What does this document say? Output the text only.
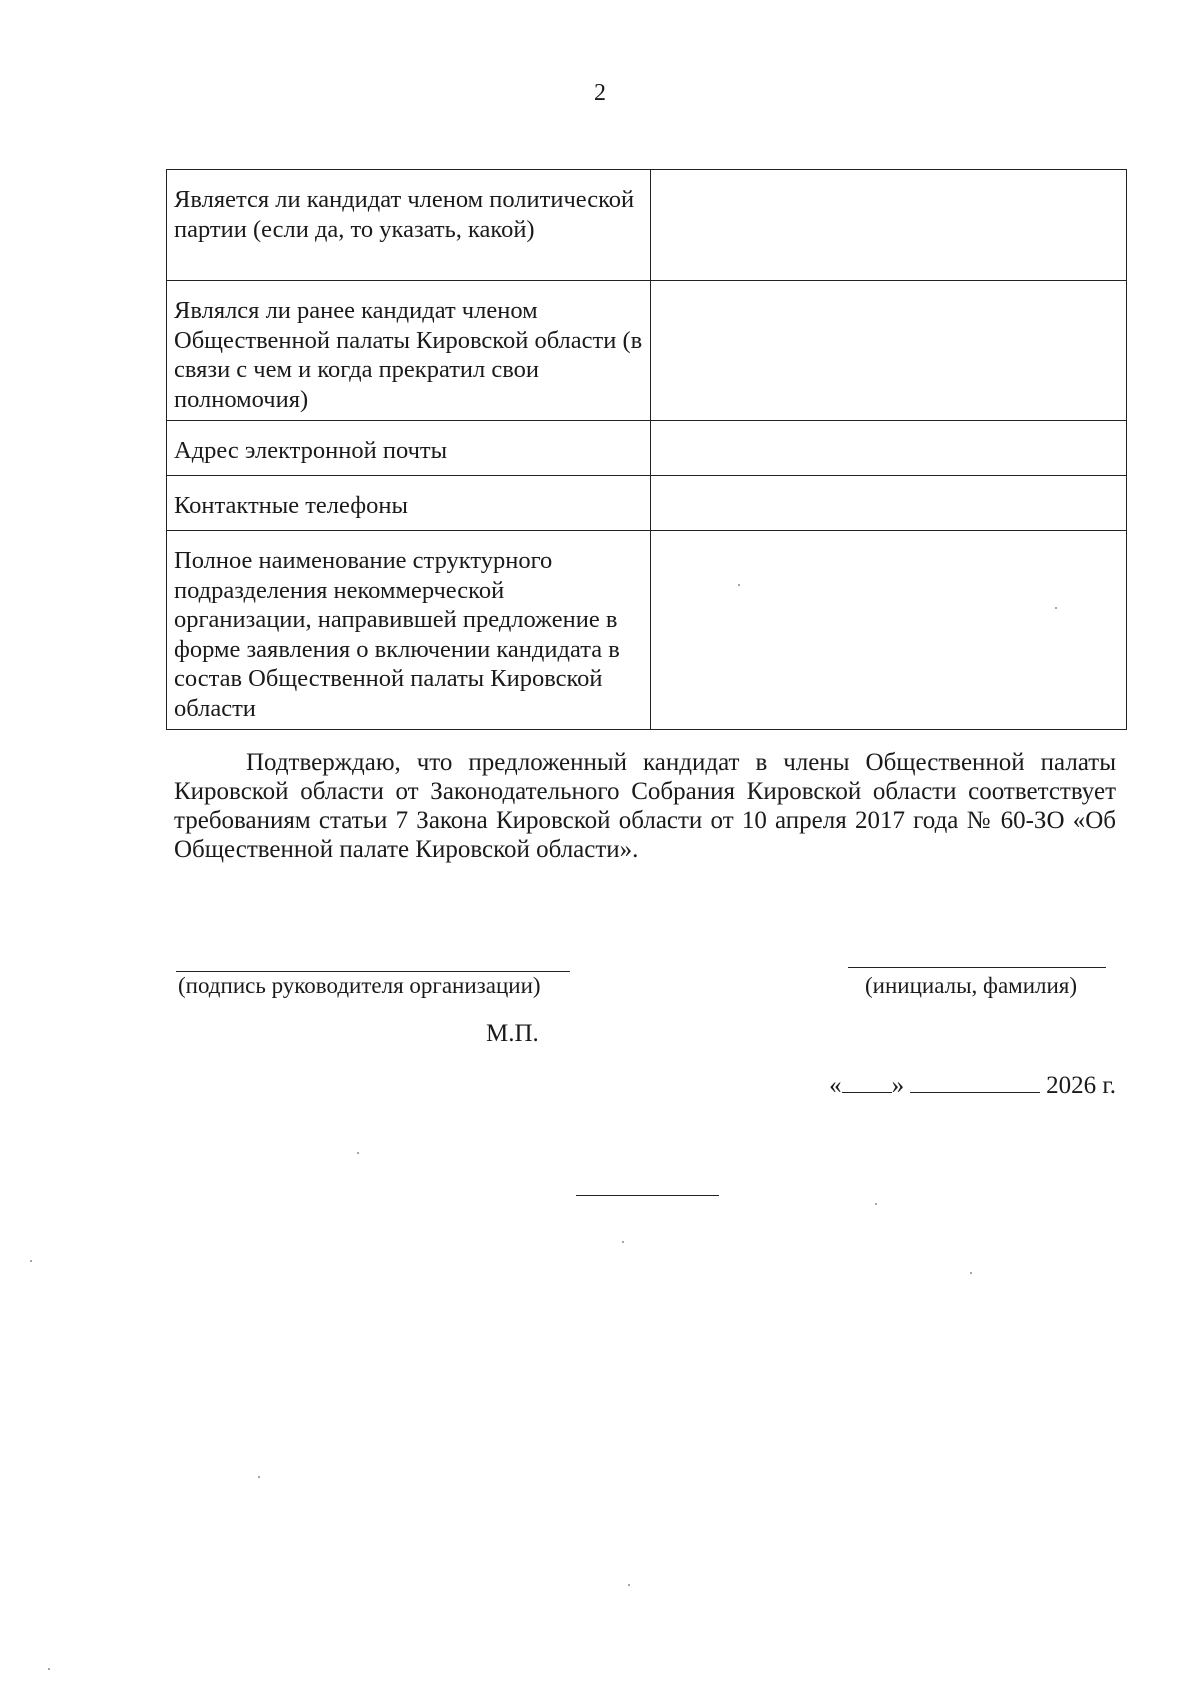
2
Является ли кандидат членом политической партии (если да, то указать, какой)	
Являлся ли ранее кандидат членом Общественной палаты Кировской области (в связи с чем и когда прекратил свои полномочия)	
Адрес электронной почты	
Контактные телефоны	
Полное наименование структурного подразделения некоммерческой организации, направившей предложение в форме заявления о включении кандидата в состав Общественной палаты Кировской области	

Подтверждаю, что предложенный кандидат в члены Общественной палаты Кировской области от Законодательного Собрания Кировской области соответствует требованиям статьи 7 Закона Кировской области от 10 апреля 2017 года № 60-ЗО «Об Общественной палате Кировской области».

(подпись руководителя организации)	(инициалы, фамилия)
М.П.
« »	2026 г.
